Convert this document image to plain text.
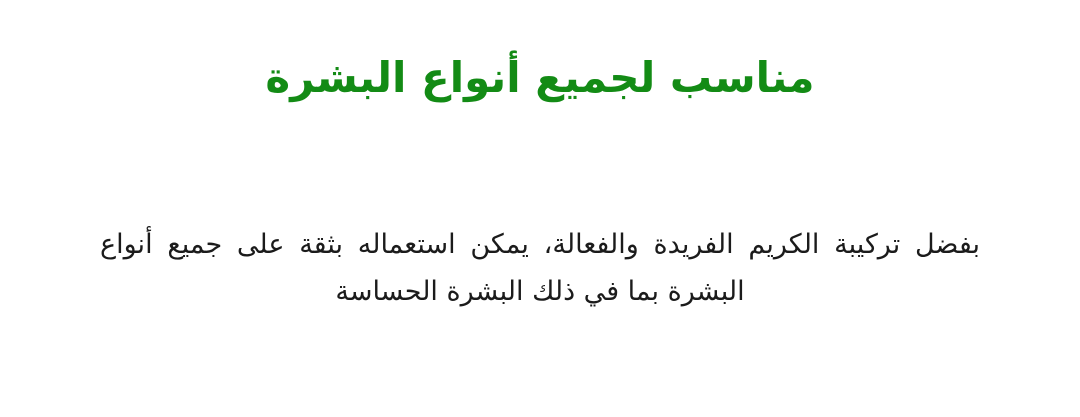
مناسب لجميع أنواع البشرة

بفضل تركيبة الكريم الفريدة والفعالة، يمكن استعماله بثقة على جميع أنواع البشرة بما في ذلك البشرة الحساسة
